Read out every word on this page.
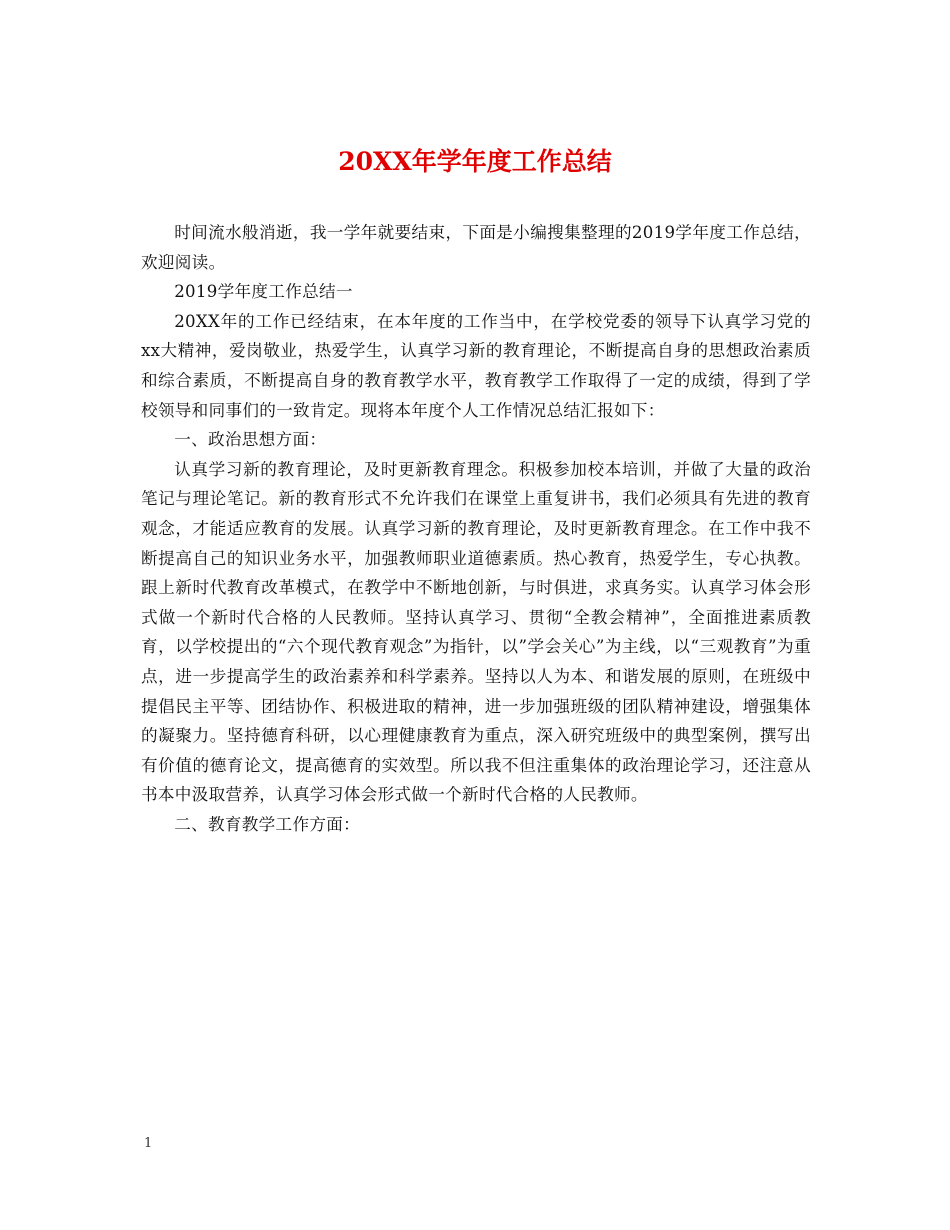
20XX年学年度工作总结

时间流水般消逝，我一学年就要结束，下面是小编搜集整理的2019学年度工作总结，欢迎阅读。

2019学年度工作总结一

20XX年的工作已经结束，在本年度的工作当中，在学校党委的领导下认真学习党的xx大精神，爱岗敬业，热爱学生，认真学习新的教育理论，不断提高自身的思想政治素质和综合素质，不断提高自身的教育教学水平，教育教学工作取得了一定的成绩，得到了学校领导和同事们的一致肯定。现将本年度个人工作情况总结汇报如下：

一、政治思想方面：

认真学习新的教育理论，及时更新教育理念。积极参加校本培训，并做了大量的政治笔记与理论笔记。新的教育形式不允许我们在课堂上重复讲书，我们必须具有先进的教育观念，才能适应教育的发展。认真学习新的教育理论，及时更新教育理念。在工作中我不断提高自己的知识业务水平，加强教师职业道德素质。热心教育，热爱学生，专心执教。跟上新时代教育改革模式，在教学中不断地创新，与时俱进，求真务实。认真学习体会形式做一个新时代合格的人民教师。坚持认真学习、贯彻“全教会精神”，全面推进素质教育，以学校提出的“六个现代教育观念”为指针，以”学会关心”为主线，以“三观教育”为重点，进一步提高学生的政治素养和科学素养。坚持以人为本、和谐发展的原则，在班级中提倡民主平等、团结协作、积极进取的精神，进一步加强班级的团队精神建设，增强集体的凝聚力。坚持德育科研，以心理健康教育为重点，深入研究班级中的典型案例，撰写出有价值的德育论文，提高德育的实效型。所以我不但注重集体的政治理论学习，还注意从书本中汲取营养，认真学习体会形式做一个新时代合格的人民教师。

二、教育教学工作方面：

1
